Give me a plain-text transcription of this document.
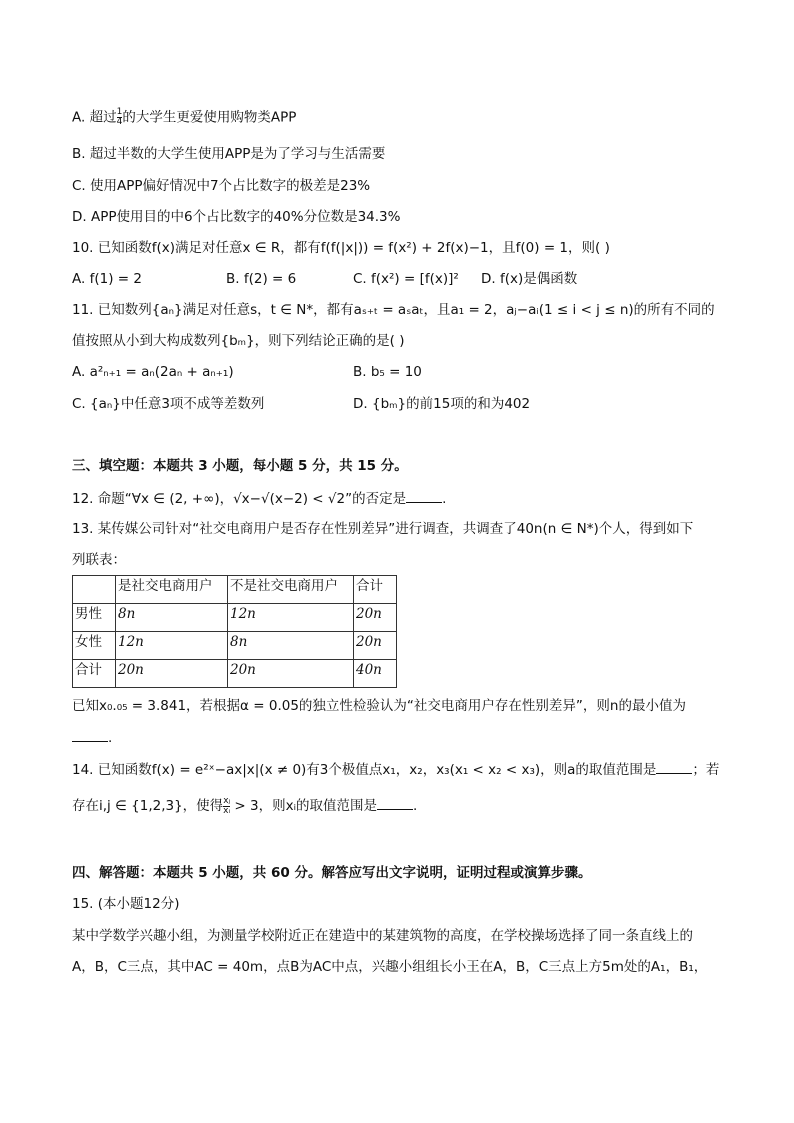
A. 超过 $\frac{1}{4}$ 的大学生更爱使用购物类APP
B. 超过半数的大学生使用APP是为了学习与生活需要
C. 使用APP偏好情况中7个占比数字的极差是23%
D. APP使用目的中6个占比数字的40%分位数是34.3%
10. 已知函数f(x)满足对任意x ∈ R，都有f(f(|x|)) = f(x²) + 2f(x)−1，且f(0) = 1，则( )
A. f(1) = 2	B. f(2) = 6	C. f(x²) = [f(x)]² D. f(x)是偶函数
11. 已知数列{aₙ}满足对任意s，t ∈ N*，都有aₛ₊ₜ = aₛaₜ，且a₁ = 2，aⱼ−aᵢ(1 ≤ i < j ≤ n)的所有不同的
值按照从小到大构成数列{bₘ}，则下列结论正确的是( )
A. a²ₙ₊₁ = aₙ(2aₙ + aₙ₊₁)	B. b₅ = 10
C. {aₙ}中任意3项不成等差数列	D. {bₘ}的前15项的和为402
三、填空题：本题共 3 小题，每小题 5 分，共 15 分。
12. 命题“∀x ∈ (2, +∞)，√x−√(x−2) < √2”的否定是	.
13. 某传媒公司针对“社交电商用户是否存在性别差异”进行调查，共调查了40n(n ∈ N*)个人，得到如下
列联表：
	是社交电商用户	不是社交电商用户	合计
男性	8n	12n	20n
女性	12n	8n	20n
合计	20n	20n	40n
已知x₀.₀₅ = 3.841，若根据α = 0.05的独立性检验认为“社交电商用户存在性别差异”，则n的最小值为
.
14. 已知函数f(x) = e²ˣ−ax|x|(x ≠ 0)有3个极值点x₁，x₂，x₃(x₁ < x₂ < x₃)，则a的取值范围是	；若
存在i,j ∈ {1,2,3}，使得 $\frac{\text{xⱼ}}{\text{xᵢ}} > 3$，则xᵢ的取值范围是	.
四、解答题：本题共 5 小题，共 60 分。解答应写出文字说明，证明过程或演算步骤。
15. (本小题12分)
某中学数学兴趣小组，为测量学校附近正在建造中的某建筑物的高度，在学校操场选择了同一条直线上的
A，B，C三点，其中AC = 40m，点B为AC中点，兴趣小组组长小王在A，B，C三点上方5m处的A₁，B₁，
